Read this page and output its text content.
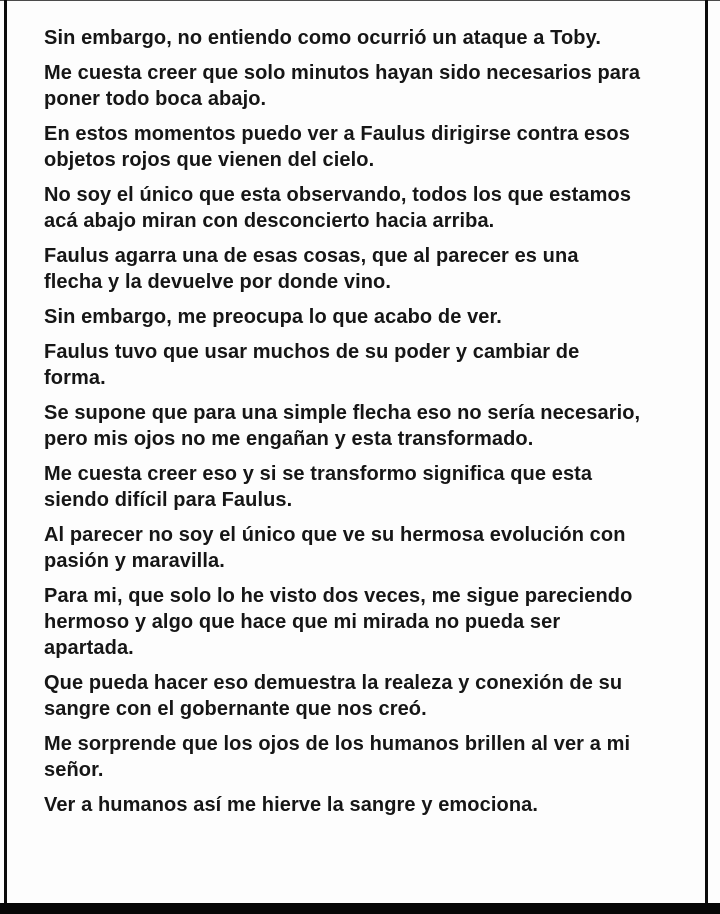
Sin embargo, no entiendo como ocurrió un ataque a Toby.

Me cuesta creer que solo minutos hayan sido necesarios para
poner todo boca abajo.

En estos momentos puedo ver a Faulus dirigirse contra esos
objetos rojos que vienen del cielo.

No soy el único que esta observando, todos los que estamos
acá abajo miran con desconcierto hacia arriba.

Faulus agarra una de esas cosas, que al parecer es una
flecha y la devuelve por donde vino.

Sin embargo, me preocupa lo que acabo de ver.

Faulus tuvo que usar muchos de su poder y cambiar de
forma.

Se supone que para una simple flecha eso no sería necesario,
pero mis ojos no me engañan y esta transformado.

Me cuesta creer eso y si se transformo significa que esta
siendo difícil para Faulus.

Al parecer no soy el único que ve su hermosa evolución con
pasión y maravilla.

Para mi, que solo lo he visto dos veces, me sigue pareciendo
hermoso y algo que hace que mi mirada no pueda ser
apartada.

Que pueda hacer eso demuestra la realeza y conexión de su
sangre con el gobernante que nos creó.

Me sorprende que los ojos de los humanos brillen al ver a mi
señor.

Ver a humanos así me hierve la sangre y emociona.
